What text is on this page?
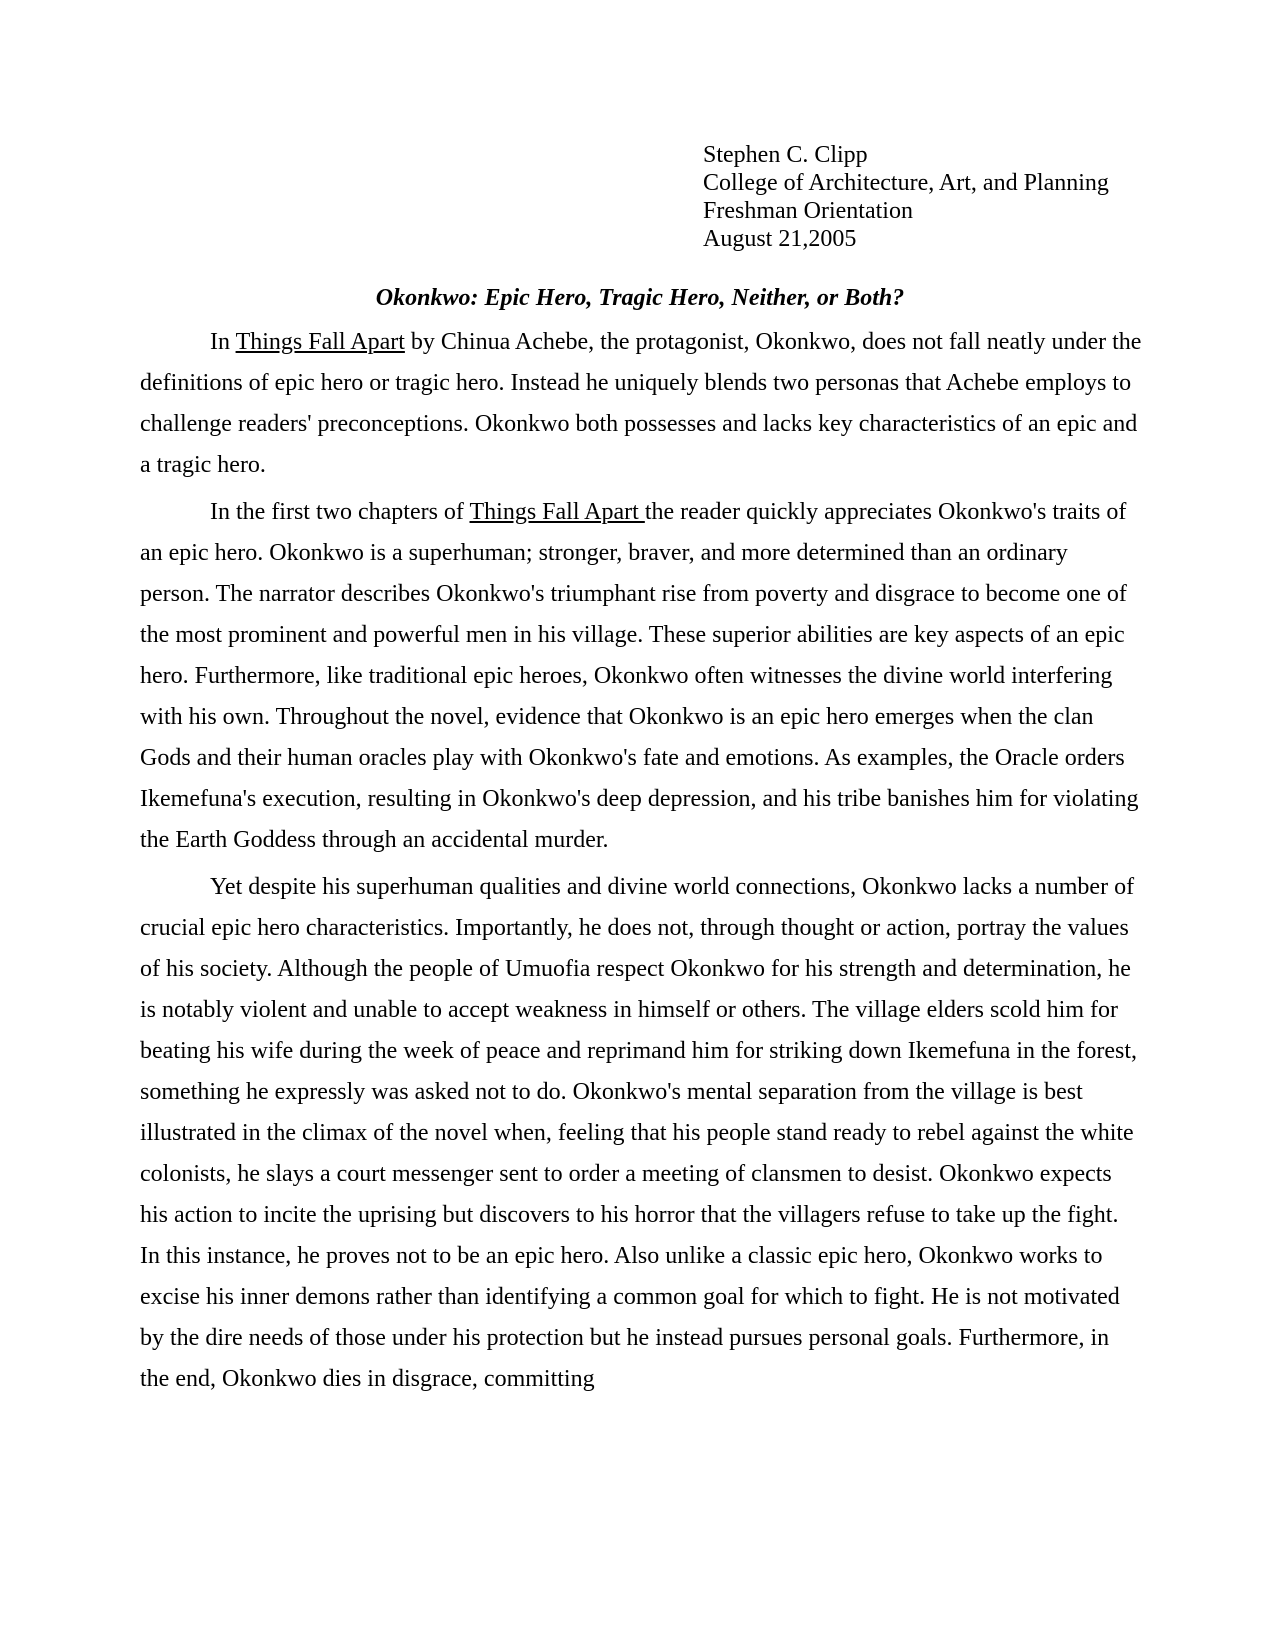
Stephen C. Clipp
College of Architecture, Art, and Planning
Freshman Orientation
August 21,2005
Okonkwo: Epic Hero, Tragic Hero, Neither, or Both?

In Things Fall Apart by Chinua Achebe, the protagonist, Okonkwo, does not fall neatly under the definitions of epic hero or tragic hero. Instead he uniquely blends two personas that Achebe employs to challenge readers' preconceptions. Okonkwo both possesses and lacks key characteristics of an epic and a tragic hero.

In the first two chapters of Things Fall Apart the reader quickly appreciates Okonkwo's traits of an epic hero. Okonkwo is a superhuman; stronger, braver, and more determined than an ordinary person. The narrator describes Okonkwo's triumphant rise from poverty and disgrace to become one of the most prominent and powerful men in his village. These superior abilities are key aspects of an epic hero. Furthermore, like traditional epic heroes, Okonkwo often witnesses the divine world interfering with his own. Throughout the novel, evidence that Okonkwo is an epic hero emerges when the clan Gods and their human oracles play with Okonkwo's fate and emotions. As examples, the Oracle orders Ikemefuna's execution, resulting in Okonkwo's deep depression, and his tribe banishes him for violating the Earth Goddess through an accidental murder.

Yet despite his superhuman qualities and divine world connections, Okonkwo lacks a number of crucial epic hero characteristics. Importantly, he does not, through thought or action, portray the values of his society. Although the people of Umuofia respect Okonkwo for his strength and determination, he is notably violent and unable to accept weakness in himself or others. The village elders scold him for beating his wife during the week of peace and reprimand him for striking down Ikemefuna in the forest, something he expressly was asked not to do. Okonkwo's mental separation from the village is best illustrated in the climax of the novel when, feeling that his people stand ready to rebel against the white colonists, he slays a court messenger sent to order a meeting of clansmen to desist. Okonkwo expects his action to incite the uprising but discovers to his horror that the villagers refuse to take up the fight. In this instance, he proves not to be an epic hero. Also unlike a classic epic hero, Okonkwo works to excise his inner demons rather than identifying a common goal for which to fight. He is not motivated by the dire needs of those under his protection but he instead pursues personal goals. Furthermore, in the end, Okonkwo dies in disgrace, committing
